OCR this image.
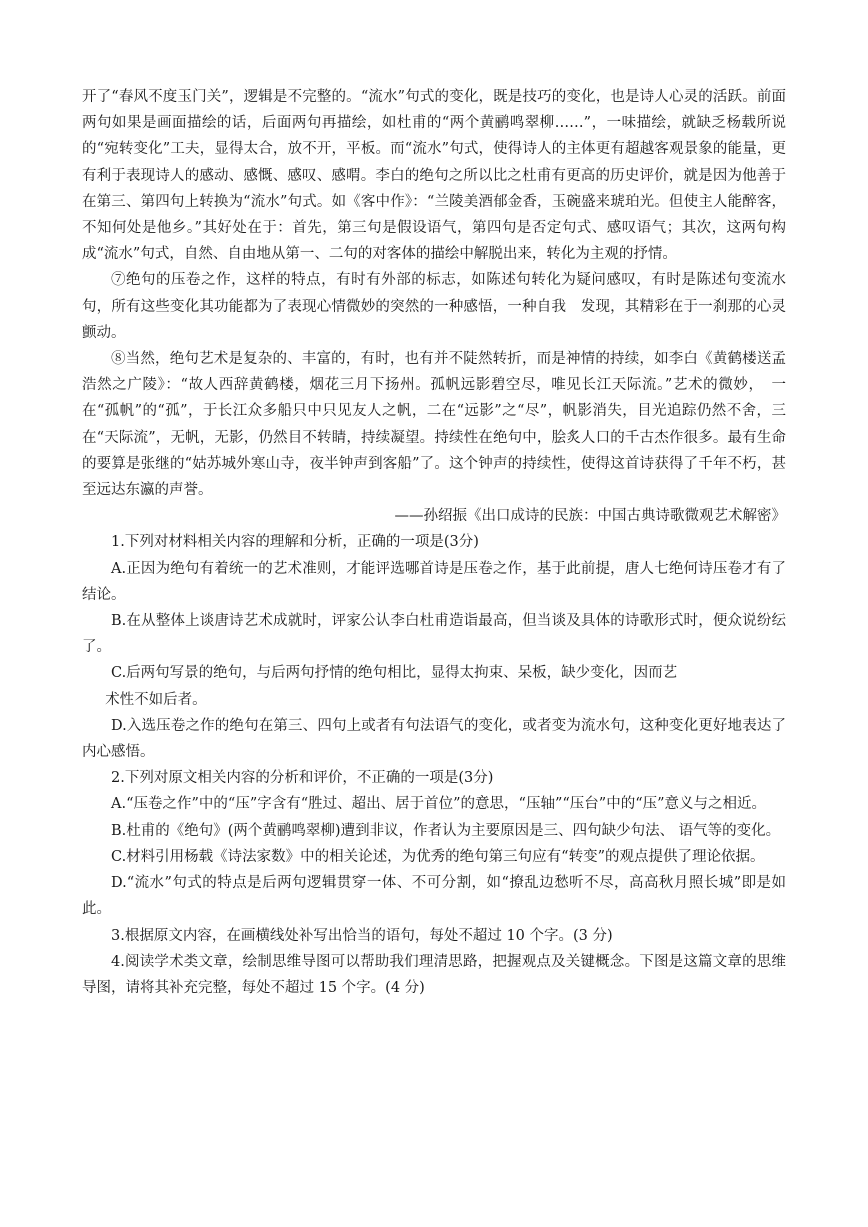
开了“春风不度玉门关”，逻辑是不完整的。“流水”句式的变化，既是技巧的变化，也是诗人心灵的活跃。前面两句如果是画面描绘的话，后面两句再描绘，如杜甫的“两个黄鹂鸣翠柳……”，一味描绘，就缺乏杨载所说的“宛转变化”工夫，显得太合，放不开，平板。而“流水”句式，使得诗人的主体更有超越客观景象的能量，更有利于表现诗人的感动、感慨、感叹、感喟。李白的绝句之所以比之杜甫有更高的历史评价，就是因为他善于在第三、第四句上转换为“流水”句式。如《客中作》：“兰陵美酒郁金香，玉碗盛来琥珀光。但使主人能醉客，不知何处是他乡。”其好处在于：首先，第三句是假设语气，第四句是否定句式、感叹语气；其次，这两句构成“流水”句式，自然、自由地从第一、二句的对客体的描绘中解脱出来，转化为主观的抒情。

⑦绝句的压卷之作，这样的特点，有时有外部的标志，如陈述句转化为疑问感叹，有时是陈述句变流水句，所有这些变化其功能都为了表现心情微妙的突然的一种感悟，一种自我　发现，其精彩在于一刹那的心灵颤动。

⑧当然，绝句艺术是复杂的、丰富的，有时，也有并不陡然转折，而是神情的持续，如李白《黄鹤楼送孟浩然之广陵》：“故人西辞黄鹤楼，烟花三月下扬州。孤帆远影碧空尽，唯见长江天际流。”艺术的微妙，　一在“孤帆”的“孤”，于长江众多船只中只见友人之帆，二在“远影”之“尽”，帆影消失，目光追踪仍然不舍，三在“天际流”，无帆，无影，仍然目不转睛，持续凝望。持续性在绝句中，脍炙人口的千古杰作很多。最有生命的要算是张继的“姑苏城外寒山寺，夜半钟声到客船”了。这个钟声的持续性，使得这首诗获得了千年不朽，甚至远达东瀛的声誉。

——孙绍振《出口成诗的民族：中国古典诗歌微观艺术解密》

1.下列对材料相关内容的理解和分析，正确的一项是(3分)

A.正因为绝句有着统一的艺术准则，才能评选哪首诗是压卷之作，基于此前提，唐人七绝何诗压卷才有了结论。

B.在从整体上谈唐诗艺术成就时，评家公认李白杜甫造诣最高，但当谈及具体的诗歌形式时，便众说纷纭了。

C.后两句写景的绝句，与后两句抒情的绝句相比，显得太拘束、呆板，缺少变化，因而艺

术性不如后者。

D.入选压卷之作的绝句在第三、四句上或者有句法语气的变化，或者变为流水句，这种变化更好地表达了内心感悟。

2.下列对原文相关内容的分析和评价，不正确的一项是(3分)

A.“压卷之作”中的“压”字含有“胜过、超出、居于首位”的意思，“压轴”“压台”中的“压”意义与之相近。

B.杜甫的《绝句》(两个黄鹂鸣翠柳)遭到非议，作者认为主要原因是三、四句缺少句法、 语气等的变化。

C.材料引用杨载《诗法家数》中的相关论述，为优秀的绝句第三句应有“转变”的观点提供了理论依据。

D.“流水”句式的特点是后两句逻辑贯穿一体、不可分割，如“撩乱边愁听不尽，高高秋月照长城”即是如此。

3.根据原文内容，在画横线处补写出恰当的语句，每处不超过 10 个字。(3 分)

4.阅读学术类文章，绘制思维导图可以帮助我们理清思路，把握观点及关键概念。下图是这篇文章的思维导图，请将其补充完整，每处不超过 15 个字。(4 分)
